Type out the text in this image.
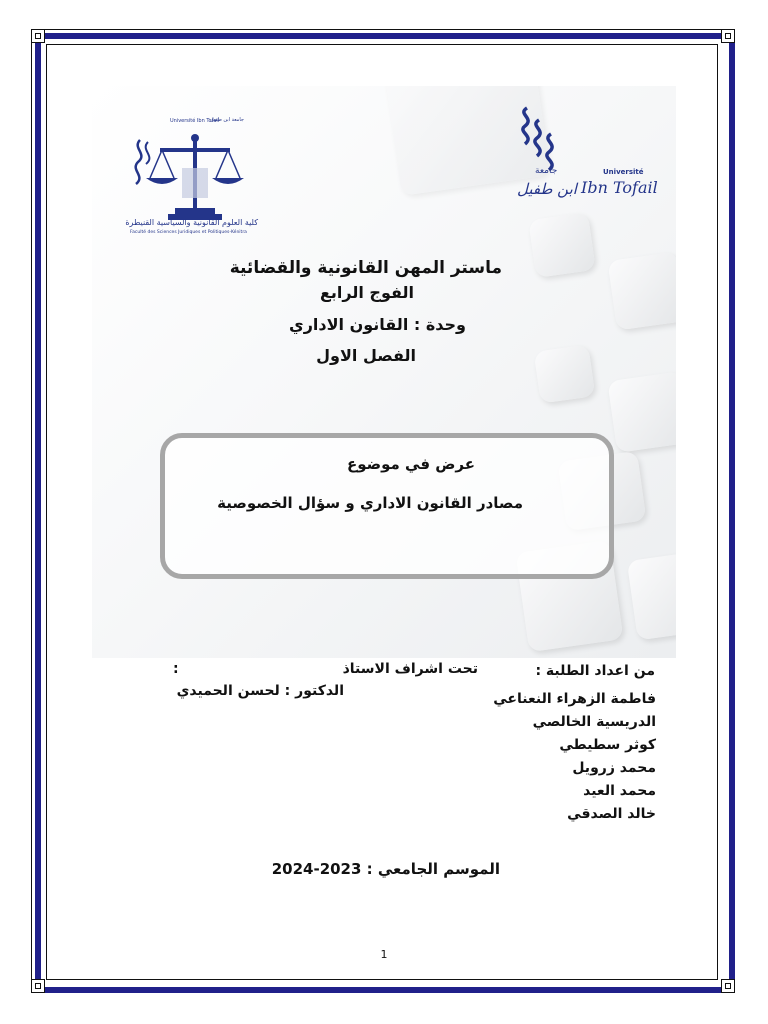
Université Ibn Tofail
جامعة ابن طفيل
كلية العلوم القانونية والسياسية القنيطرة
Faculté des Sciences Juridiques et Politiques-Kénitra
Université
جامعة
ابن طفيل Ibn Tofail
ماستر المهن القانونية والقضائية
الفوج الرابع
وحدة : القانون الاداري
الفصل الاول
عرض في موضوع
مصادر القانون الاداري و سؤال الخصوصية
تحت اشراف الاستاذ
:
الدكتور : لحسن الحميدي
من اعداد الطلبة :
فاطمة الزهراء النعناعي
الدريسية الخالصي
كوثر سطيطي
محمد زرويل
محمد العيد
خالد الصدقي
الموسم الجامعي : 2023-2024
1
